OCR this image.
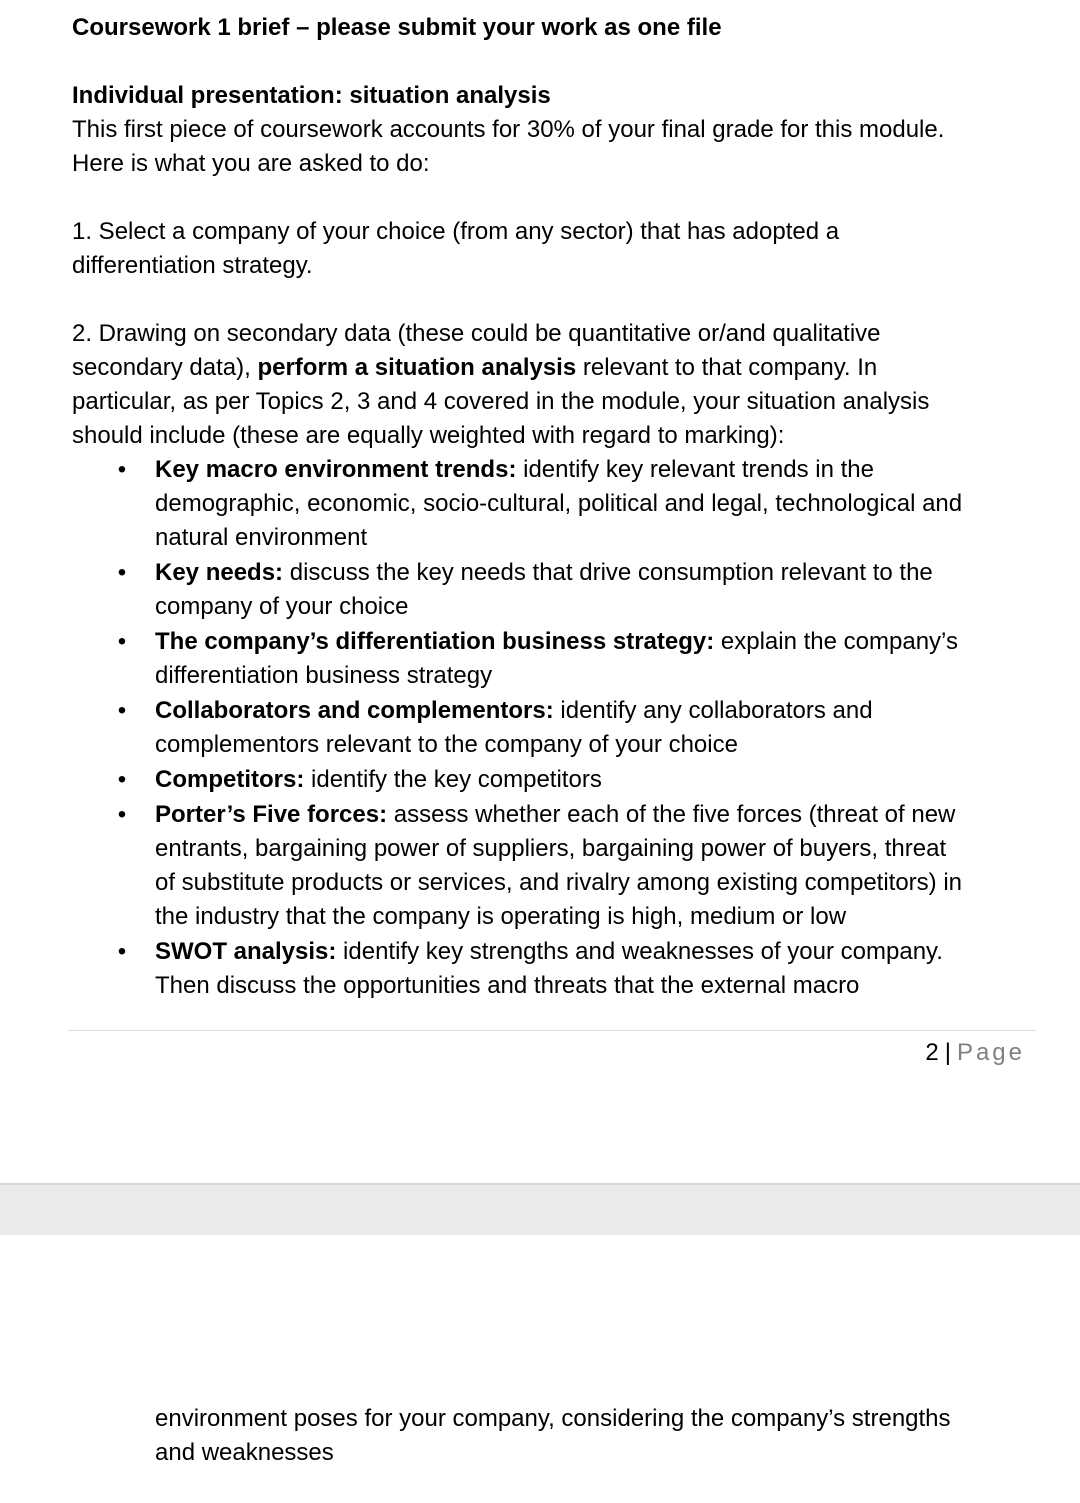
Coursework 1 brief – please submit your work as one file

Individual presentation: situation analysis

This first piece of coursework accounts for 30% of your final grade for this module.
Here is what you are asked to do:

1. Select a company of your choice (from any sector) that has adopted a
differentiation strategy.

2. Drawing on secondary data (these could be quantitative or/and qualitative
secondary data), perform a situation analysis relevant to that company. In
particular, as per Topics 2, 3 and 4 covered in the module, your situation analysis
should include (these are equally weighted with regard to marking):

• Key macro environment trends: identify key relevant trends in the
demographic, economic, socio-cultural, political and legal, technological and
natural environment
• Key needs: discuss the key needs that drive consumption relevant to the
company of your choice
• The company’s differentiation business strategy: explain the company’s
differentiation business strategy
• Collaborators and complementors: identify any collaborators and
complementors relevant to the company of your choice
• Competitors: identify the key competitors
• Porter’s Five forces: assess whether each of the five forces (threat of new
entrants, bargaining power of suppliers, bargaining power of buyers, threat
of substitute products or services, and rivalry among existing competitors) in
the industry that the company is operating is high, medium or low
• SWOT analysis: identify key strengths and weaknesses of your company.
Then discuss the opportunities and threats that the external macro
2 | Page

environment poses for your company, considering the company’s strengths
and weaknesses
